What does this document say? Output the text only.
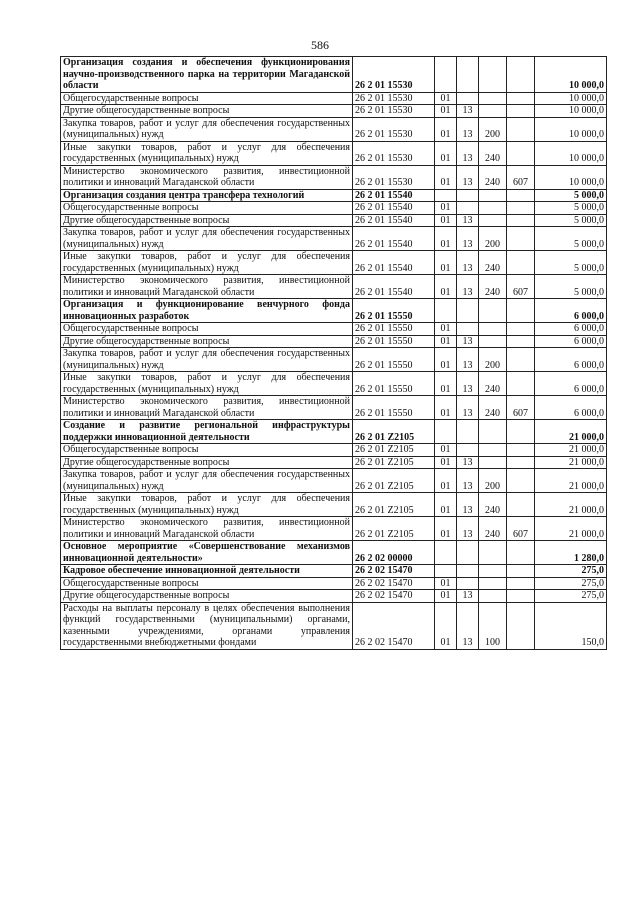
586
Организация создания и обеспечения функционирования научно-производственного парка на территории Магаданской области	26 2 01 15530					10 000,0
Общегосударственные вопросы	26 2 01 15530	01				10 000,0
Другие общегосударственные вопросы	26 2 01 15530	01	13			10 000,0
Закупка товаров, работ и услуг для обеспечения государственных (муниципальных) нужд	26 2 01 15530	01	13	200		10 000,0
Иные закупки товаров, работ и услуг для обеспечения государственных (муниципальных) нужд	26 2 01 15530	01	13	240		10 000,0
Министерство экономического развития, инвестиционной политики и инноваций Магаданской области	26 2 01 15530	01	13	240	607	10 000,0
Организация создания центра трансфера технологий	26 2 01 15540					5 000,0
Общегосударственные вопросы	26 2 01 15540	01				5 000,0
Другие общегосударственные вопросы	26 2 01 15540	01	13			5 000,0
Закупка товаров, работ и услуг для обеспечения государственных (муниципальных) нужд	26 2 01 15540	01	13	200		5 000,0
Иные закупки товаров, работ и услуг для обеспечения государственных (муниципальных) нужд	26 2 01 15540	01	13	240		5 000,0
Министерство экономического развития, инвестиционной политики и инноваций Магаданской области	26 2 01 15540	01	13	240	607	5 000,0
Организация и функционирование венчурного фонда инновационных разработок	26 2 01 15550					6 000,0
Общегосударственные вопросы	26 2 01 15550	01				6 000,0
Другие общегосударственные вопросы	26 2 01 15550	01	13			6 000,0
Закупка товаров, работ и услуг для обеспечения государственных (муниципальных) нужд	26 2 01 15550	01	13	200		6 000,0
Иные закупки товаров, работ и услуг для обеспечения государственных (муниципальных) нужд	26 2 01 15550	01	13	240		6 000,0
Министерство экономического развития, инвестиционной политики и инноваций Магаданской области	26 2 01 15550	01	13	240	607	6 000,0
Создание и развитие региональной инфраструктуры поддержки инновационной деятельности	26 2 01 Z2105					21 000,0
Общегосударственные вопросы	26 2 01 Z2105	01				21 000,0
Другие общегосударственные вопросы	26 2 01 Z2105	01	13			21 000,0
Закупка товаров, работ и услуг для обеспечения государственных (муниципальных) нужд	26 2 01 Z2105	01	13	200		21 000,0
Иные закупки товаров, работ и услуг для обеспечения государственных (муниципальных) нужд	26 2 01 Z2105	01	13	240		21 000,0
Министерство экономического развития, инвестиционной политики и инноваций Магаданской области	26 2 01 Z2105	01	13	240	607	21 000,0
Основное мероприятие «Совершенствование механизмов инновационной деятельности»	26 2 02 00000					1 280,0
Кадровое обеспечение инновационной деятельности	26 2 02 15470					275,0
Общегосударственные вопросы	26 2 02 15470	01				275,0
Другие общегосударственные вопросы	26 2 02 15470	01	13			275,0
Расходы на выплаты персоналу в целях обеспечения выполнения функций государственными (муниципальными) органами, казенными учреждениями, органами управления государственными внебюджетными фондами	26 2 02 15470	01	13	100		150,0
